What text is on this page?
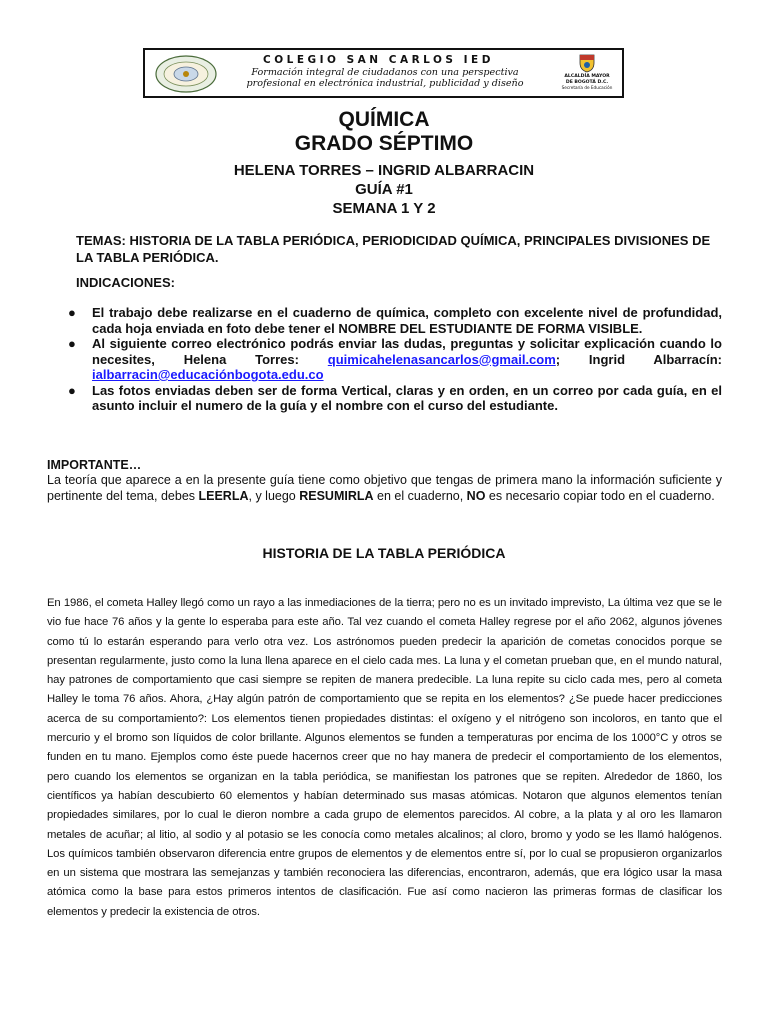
COLEGIO SAN CARLOS IED
Formación integral de ciudadanos con una perspectiva
profesional en electrónica industrial, publicidad y diseño
ALCALDÍA MAYOR
DE BOGOTÁ D.C.
Secretaría de Educación
QUÍMICA
GRADO SÉPTIMO
HELENA TORRES – INGRID ALBARRACIN
GUÍA #1
SEMANA 1 Y 2
TEMAS: HISTORIA DE LA TABLA PERIÓDICA, PERIODICIDAD QUÍMICA, PRINCIPALES DIVISIONES DE LA TABLA PERIÓDICA.
INDICACIONES:
● El trabajo debe realizarse en el cuaderno de química, completo con excelente nivel de profundidad, cada hoja enviada en foto debe tener el NOMBRE DEL ESTUDIANTE DE FORMA VISIBLE.
● Al siguiente correo electrónico podrás enviar las dudas, preguntas y solicitar explicación cuando lo necesites, Helena Torres: quimicahelenasancarlos@gmail.com; Ingrid Albarracín: ialbarracin@educaciónbogota.edu.co
● Las fotos enviadas deben ser de forma Vertical, claras y en orden, en un correo por cada guía, en el asunto incluir el numero de la guía y el nombre con el curso del estudiante.
IMPORTANTE…
La teoría que aparece a en la presente guía tiene como objetivo que tengas de primera mano la información suficiente y pertinente del tema, debes LEERLA, y luego RESUMIRLA en el cuaderno, NO es necesario copiar todo en el cuaderno.
HISTORIA DE LA TABLA PERIÓDICA
En 1986, el cometa Halley llegó como un rayo a las inmediaciones de la tierra; pero no es un invitado imprevisto, La última vez que se le vio fue hace 76 años y la gente lo esperaba para este año. Tal vez cuando el cometa Halley regrese por el año 2062, algunos jóvenes como tú lo estarán esperando para verlo otra vez. Los astrónomos pueden predecir la aparición de cometas conocidos porque se presentan regularmente, justo como la luna llena aparece en el cielo cada mes. La luna y el cometan prueban que, en el mundo natural, hay patrones de comportamiento que casi siempre se repiten de manera predecible. La luna repite su ciclo cada mes, pero al cometa Halley le toma 76 años. Ahora, ¿Hay algún patrón de comportamiento que se repita en los elementos? ¿Se puede hacer predicciones acerca de su comportamiento?: Los elementos tienen propiedades distintas: el oxígeno y el nitrógeno son incoloros, en tanto que el mercurio y el bromo son líquidos de color brillante. Algunos elementos se funden a temperaturas por encima de los 1000°C y otros se funden en tu mano. Ejemplos como éste puede hacernos creer que no hay manera de predecir el comportamiento de los elementos, pero cuando los elementos se organizan en la tabla periódica, se manifiestan los patrones que se repiten. Alrededor de 1860, los científicos ya habían descubierto 60 elementos y habían determinado sus masas atómicas. Notaron que algunos elementos tenían propiedades similares, por lo cual le dieron nombre a cada grupo de elementos parecidos. Al cobre, a la plata y al oro les llamaron metales de acuñar; al litio, al sodio y al potasio se les conocía como metales alcalinos; al cloro, bromo y yodo se les llamó halógenos. Los químicos también observaron diferencia entre grupos de elementos y de elementos entre sí, por lo cual se propusieron organizarlos en un sistema que mostrara las semejanzas y también reconociera las diferencias, encontraron, además, que era lógico usar la masa atómica como la base para estos primeros intentos de clasificación. Fue así como nacieron las primeras formas de clasificar los elementos y predecir la existencia de otros.
